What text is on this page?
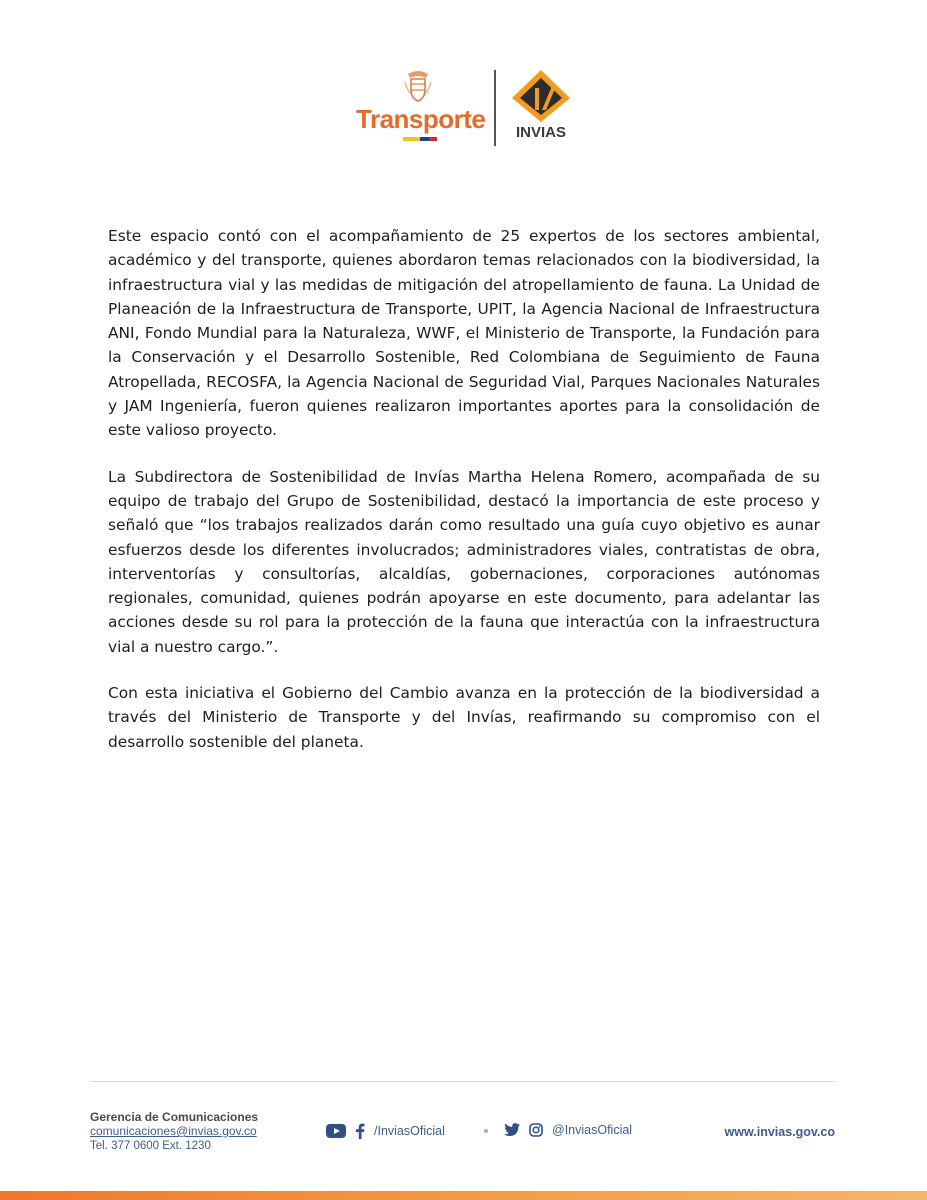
Transporte	INVIAS

Este espacio contó con el acompañamiento de 25 expertos de los sectores ambiental, académico y del transporte, quienes abordaron temas relacionados con la biodiversidad, la infraestructura vial y las medidas de mitigación del atropellamiento de fauna. La Unidad de Planeación de la Infraestructura de Transporte, UPIT, la Agencia Nacional de Infraestructura ANI, Fondo Mundial para la Naturaleza, WWF, el Ministerio de Transporte, la Fundación para la Conservación y el Desarrollo Sostenible, Red Colombiana de Seguimiento de Fauna Atropellada, RECOSFA, la Agencia Nacional de Seguridad Vial, Parques Nacionales Naturales y JAM Ingeniería, fueron quienes realizaron importantes aportes para la consolidación de este valioso proyecto.

La Subdirectora de Sostenibilidad de Invías Martha Helena Romero, acompañada de su equipo de trabajo del Grupo de Sostenibilidad, destacó la importancia de este proceso y señaló que “los trabajos realizados darán como resultado una guía cuyo objetivo es aunar esfuerzos desde los diferentes involucrados; administradores viales, contratistas de obra, interventorías y consultorías, alcaldías, gobernaciones, corporaciones autónomas regionales, comunidad, quienes podrán apoyarse en este documento, para adelantar las acciones desde su rol para la protección de la fauna que interactúa con la infraestructura vial a nuestro cargo.”.

Con esta iniciativa el Gobierno del Cambio avanza en la protección de la biodiversidad a través del Ministerio de Transporte y del Invías, reafirmando su compromiso con el desarrollo sostenible del planeta.

Gerencia de Comunicaciones
comunicaciones@invias.gov.co
Tel. 377 0600 Ext. 1230
/InviasOficial	@InviasOficial	www.invias.gov.co
